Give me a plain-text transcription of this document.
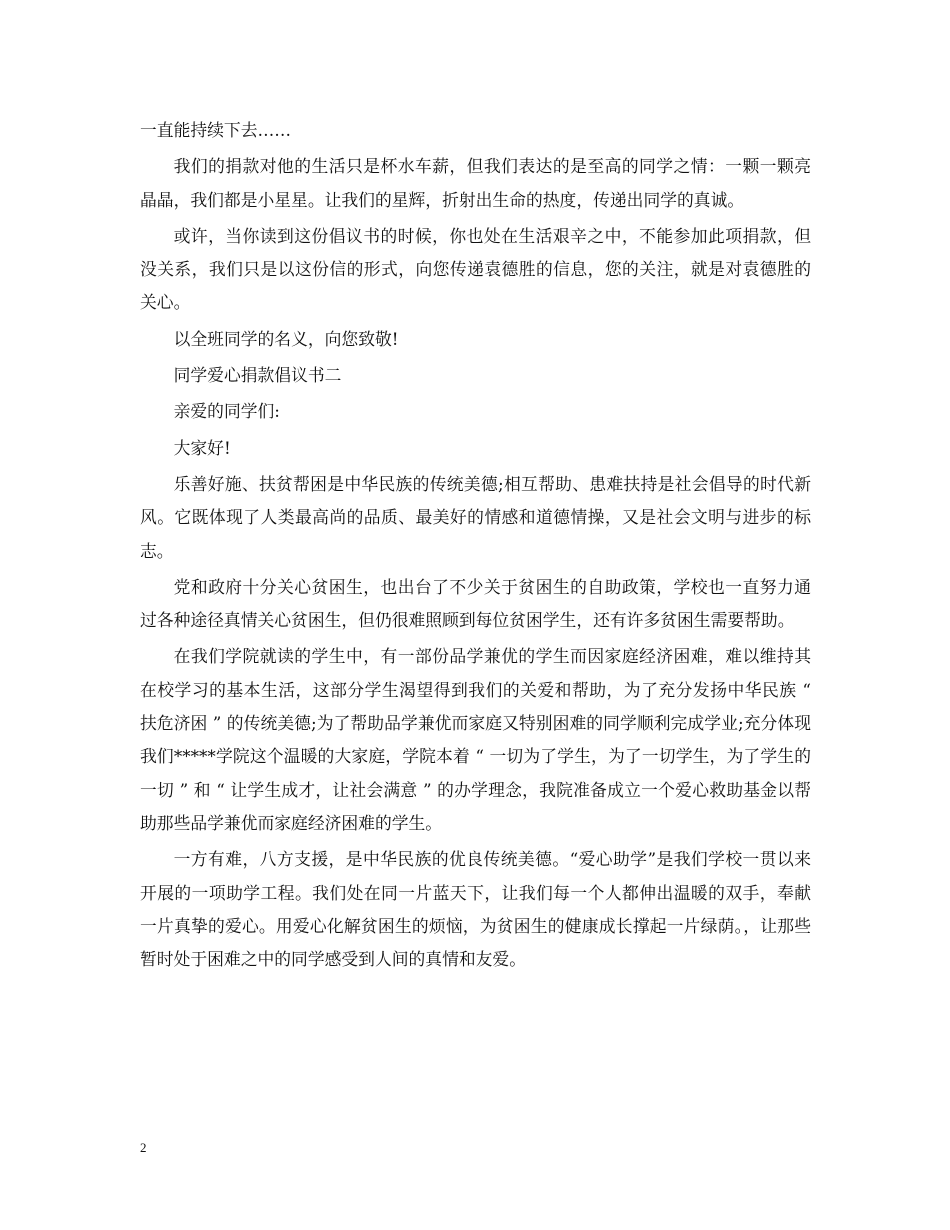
一直能持续下去……

我们的捐款对他的生活只是杯水车薪，但我们表达的是至高的同学之情：一颗一颗亮晶晶，我们都是小星星。让我们的星辉，折射出生命的热度，传递出同学的真诚。

或许，当你读到这份倡议书的时候，你也处在生活艰辛之中，不能参加此项捐款，但没关系，我们只是以这份信的形式，向您传递袁德胜的信息，您的关注，就是对袁德胜的关心。

以全班同学的名义，向您致敬!

同学爱心捐款倡议书二

亲爱的同学们:

大家好!

乐善好施、扶贫帮困是中华民族的传统美德;相互帮助、患难扶持是社会倡导的时代新风。它既体现了人类最高尚的品质、最美好的情感和道德情操，又是社会文明与进步的标志。

党和政府十分关心贫困生，也出台了不少关于贫困生的自助政策，学校也一直努力通过各种途径真情关心贫困生，但仍很难照顾到每位贫困学生，还有许多贫困生需要帮助。

在我们学院就读的学生中，有一部份品学兼优的学生而因家庭经济困难，难以维持其在校学习的基本生活，这部分学生渴望得到我们的关爱和帮助，为了充分发扬中华民族 “ 扶危济困 ” 的传统美德;为了帮助品学兼优而家庭又特别困难的同学顺利完成学业;充分体现我们*****学院这个温暖的大家庭，学院本着 “ 一切为了学生，为了一切学生，为了学生的一切 ” 和 “ 让学生成才，让社会满意 ” 的办学理念，我院准备成立一个爱心救助基金以帮助那些品学兼优而家庭经济困难的学生。

一方有难，八方支援，是中华民族的优良传统美德。“爱心助学”是我们学校一贯以来开展的一项助学工程。我们处在同一片蓝天下，让我们每一个人都伸出温暖的双手，奉献一片真挚的爱心。用爱心化解贫困生的烦恼，为贫困生的健康成长撑起一片绿荫。，让那些暂时处于困难之中的同学感受到人间的真情和友爱。

2
